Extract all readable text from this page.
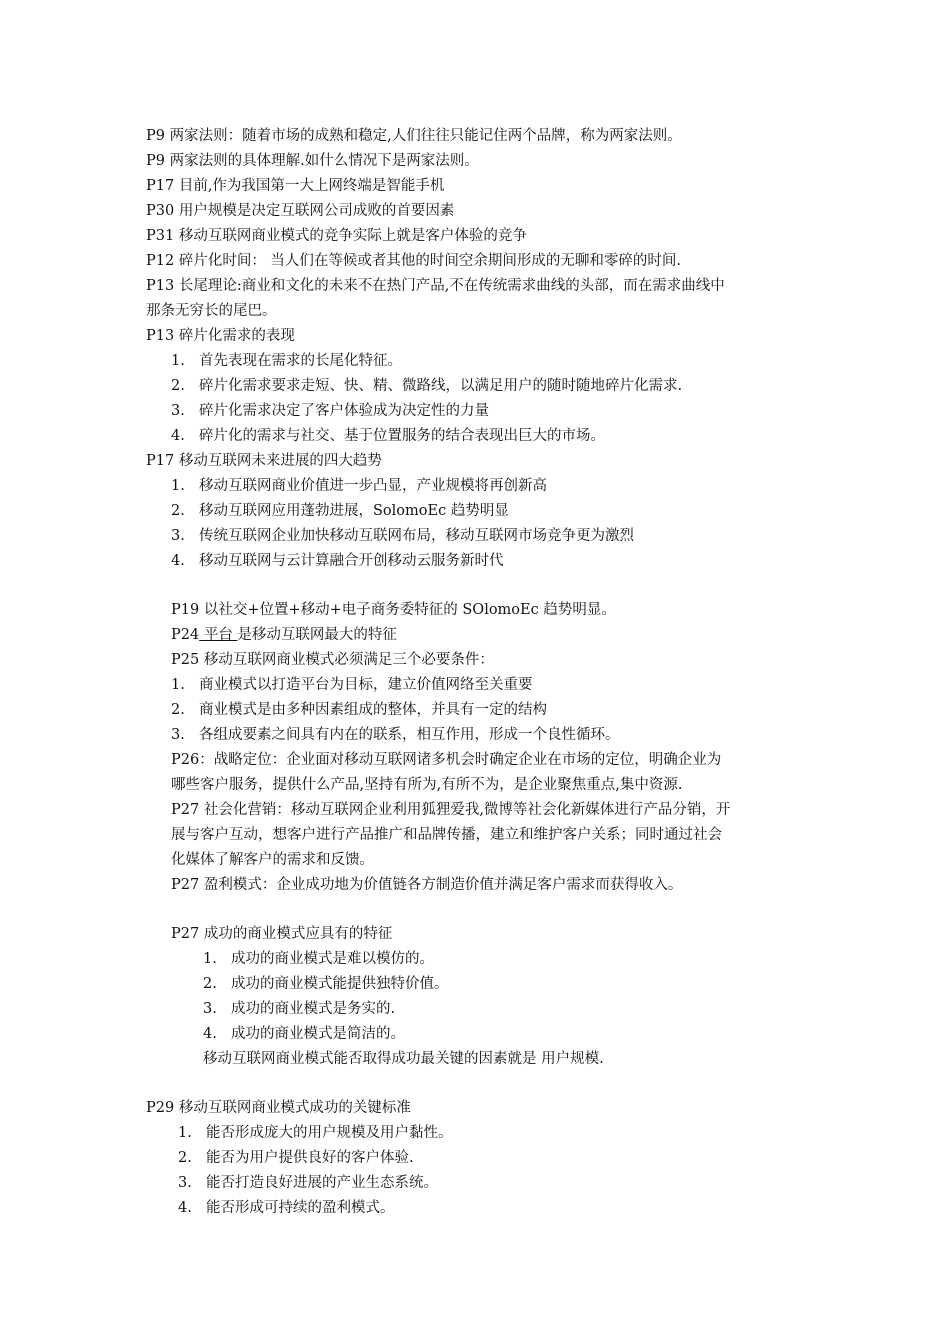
P9 两家法则：随着市场的成熟和稳定,人们往往只能记住两个品牌，称为两家法则。
P9 两家法则的具体理解.如什么情况下是两家法则。
P17 目前,作为我国第一大上网终端是智能手机
P30 用户规模是决定互联网公司成败的首要因素
P31 移动互联网商业模式的竞争实际上就是客户体验的竞争
P12 碎片化时间： 当人们在等候或者其他的时间空余期间形成的无聊和零碎的时间.
P13 长尾理论:商业和文化的未来不在热门产品,不在传统需求曲线的头部，而在需求曲线中
那条无穷长的尾巴。
P13 碎片化需求的表现
1. 首先表现在需求的长尾化特征。
2. 碎片化需求要求走短、快、精、微路线，以满足用户的随时随地碎片化需求.
3. 碎片化需求决定了客户体验成为决定性的力量
4. 碎片化的需求与社交、基于位置服务的结合表现出巨大的市场。
P17 移动互联网未来进展的四大趋势
1. 移动互联网商业价值进一步凸显，产业规模将再创新高
2. 移动互联网应用蓬勃进展，SolomoEc 趋势明显
3. 传统互联网企业加快移动互联网布局，移动互联网市场竞争更为激烈
4. 移动互联网与云计算融合开创移动云服务新时代
P19 以社交+位置+移动+电子商务委特征的 SOlomoEc 趋势明显。
P24 平台 是移动互联网最大的特征
P25 移动互联网商业模式必须满足三个必要条件：
1. 商业模式以打造平台为目标，建立价值网络至关重要
2. 商业模式是由多种因素组成的整体，并具有一定的结构
3. 各组成要素之间具有内在的联系，相互作用，形成一个良性循环。
P26：战略定位：企业面对移动互联网诸多机会时确定企业在市场的定位，明确企业为
哪些客户服务，提供什么产品,坚持有所为,有所不为，是企业聚焦重点,集中资源.
P27 社会化营销：移动互联网企业利用狐狸爱我,微博等社会化新媒体进行产品分销，开
展与客户互动，想客户进行产品推广和品牌传播，建立和维护客户关系；同时通过社会
化媒体了解客户的需求和反馈。
P27 盈利模式：企业成功地为价值链各方制造价值并满足客户需求而获得收入。
P27 成功的商业模式应具有的特征
1. 成功的商业模式是难以模仿的。
2. 成功的商业模式能提供独特价值。
3. 成功的商业模式是务实的.
4. 成功的商业模式是简洁的。
移动互联网商业模式能否取得成功最关键的因素就是 用户规模.
P29 移动互联网商业模式成功的关键标准
1. 能否形成庞大的用户规模及用户黏性。
2. 能否为用户提供良好的客户体验.
3. 能否打造良好进展的产业生态系统。
4. 能否形成可持续的盈利模式。
